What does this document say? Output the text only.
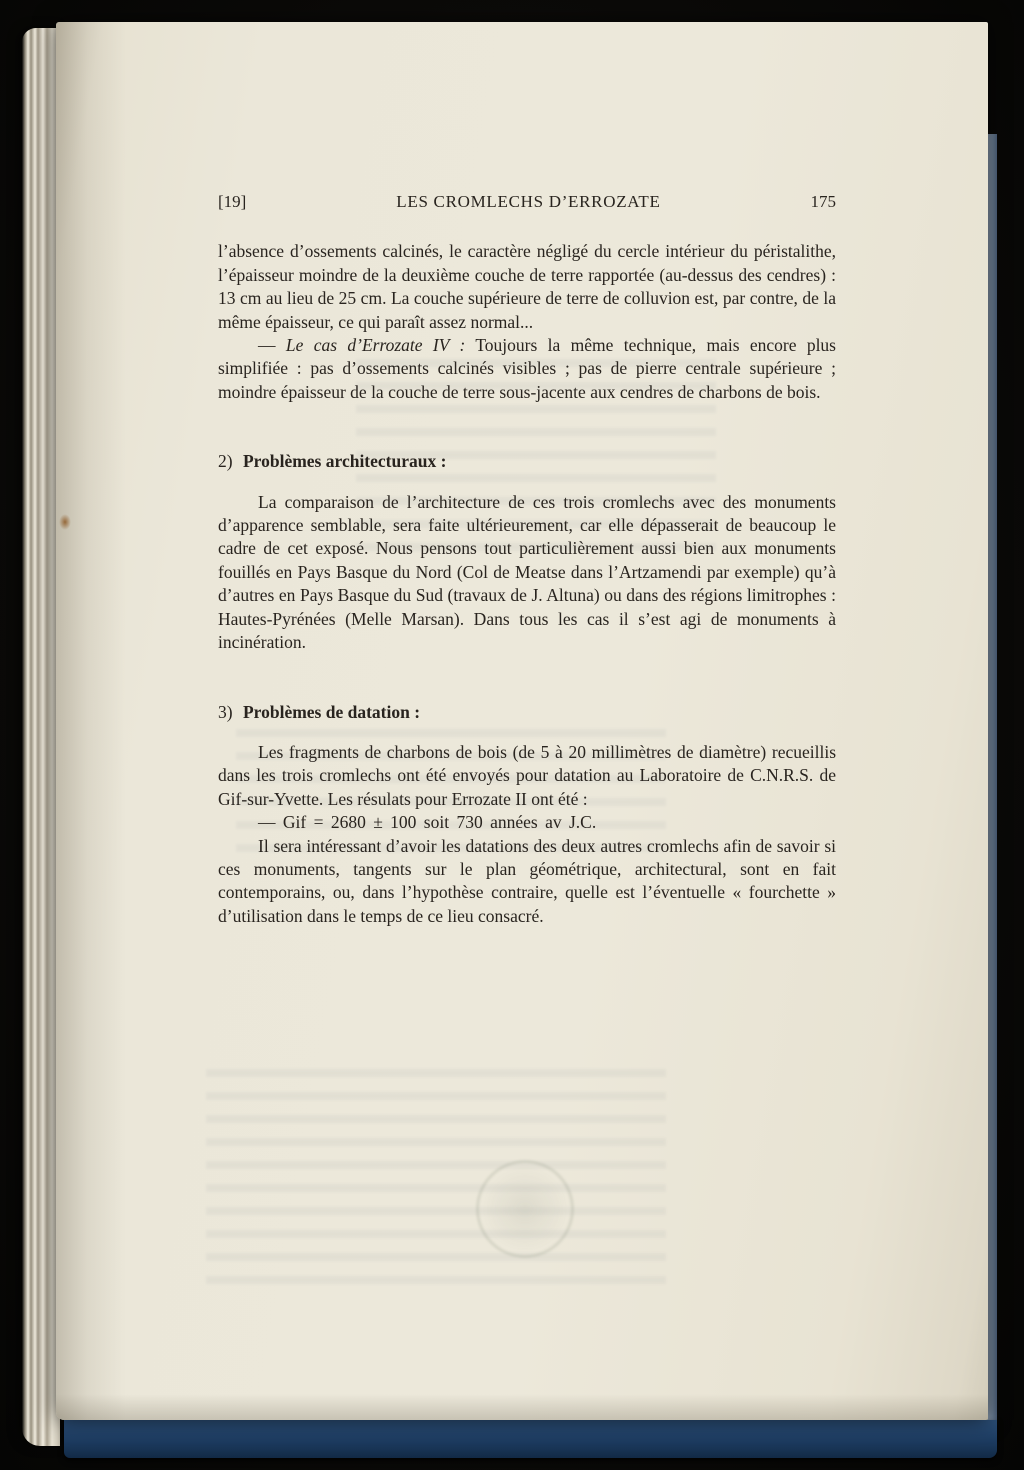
[19]	LES CROMLECHS D’ERROZATE	175

l’absence d’ossements calcinés, le caractère négligé du cercle intérieur du péristalithe, l’épaisseur moindre de la deuxième couche de terre rapportée (au-dessus des cendres) : 13 cm au lieu de 25 cm. La couche supérieure de terre de colluvion est, par contre, de la même épaisseur, ce qui paraît assez normal...

— Le cas d’Errozate IV : Toujours la même technique, mais encore plus simplifiée : pas d’ossements calcinés visibles ; pas de pierre centrale supérieure ; moindre épaisseur de la couche de terre sous-jacente aux cendres de charbons de bois.

2) Problèmes architecturaux :

La comparaison de l’architecture de ces trois cromlechs avec des monuments d’apparence semblable, sera faite ultérieurement, car elle dépasserait de beaucoup le cadre de cet exposé. Nous pensons tout particulièrement aussi bien aux monuments fouillés en Pays Basque du Nord (Col de Meatse dans l’Artzamendi par exemple) qu’à d’autres en Pays Basque du Sud (travaux de J. Altuna) ou dans des régions limitrophes : Hautes-Pyrénées (Melle Marsan). Dans tous les cas il s’est agi de monuments à incinération.

3) Problèmes de datation :

Les fragments de charbons de bois (de 5 à 20 millimètres de diamètre) recueillis dans les trois cromlechs ont été envoyés pour datation au Laboratoire de C.N.R.S. de Gif-sur-Yvette. Les résulats pour Errozate II ont été :

— Gif = 2680 ± 100 soit 730 années av J.C.

Il sera intéressant d’avoir les datations des deux autres cromlechs afin de savoir si ces monuments, tangents sur le plan géométrique, architectural, sont en fait contemporains, ou, dans l’hypothèse contraire, quelle est l’éventuelle « fourchette » d’utilisation dans le temps de ce lieu consacré.
